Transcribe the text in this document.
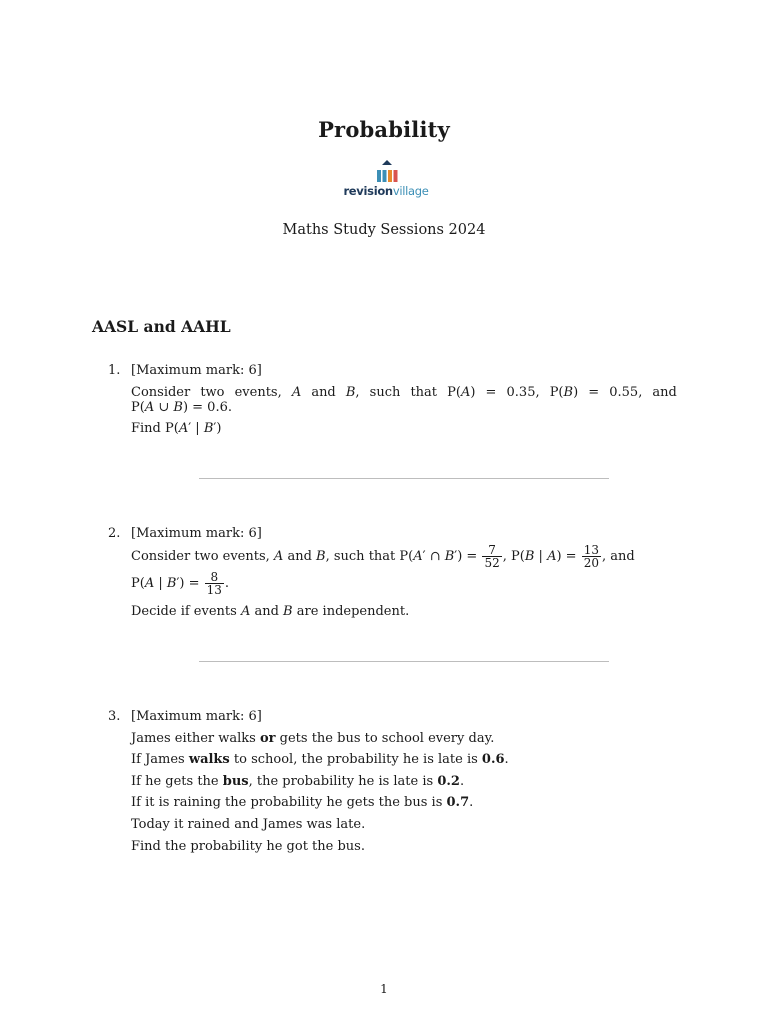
Probability
revisionvillage
Maths Study Sessions 2024
AASL and AAHL
1. [Maximum mark: 6]
Consider two events, A and B, such that P(A) = 0.35, P(B) = 0.55, and
P(A ∪ B) = 0.6.
Find P(A′ | B′)
2. [Maximum mark: 6]
Consider two events, A and B, such that P(A′ ∩ $B') = \frac{7}{52}$ , P(B | $A) = \frac{13}{20}$ , and
P(A | $B') = \frac{8}{13}$ .
Decide if events A and B are independent.
3. [Maximum mark: 6]
James either walks or gets the bus to school every day.
If James walks to school, the probability he is late is 0.6.
If he gets the bus, the probability he is late is 0.2.
If it is raining the probability he gets the bus is 0.7.
Today it rained and James was late.
Find the probability he got the bus.
1
